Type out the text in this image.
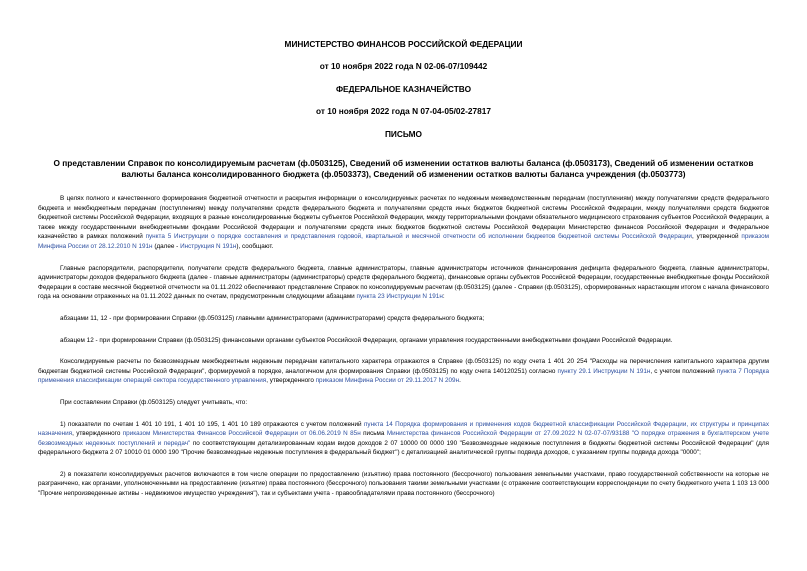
МИНИСТЕРСТВО ФИНАНСОВ РОССИЙСКОЙ ФЕДЕРАЦИИ
от 10 ноября 2022 года N 02-06-07/109442
ФЕДЕРАЛЬНОЕ КАЗНАЧЕЙСТВО
от 10 ноября 2022 года N 07-04-05/02-27817
ПИСЬМО
О представлении Справок по консолидируемым расчетам (ф.0503125), Сведений об изменении остатков валюты баланса (ф.0503173), Сведений об изменении остатков валюты баланса консолидированного бюджета (ф.0503373), Сведений об изменении остатков валюты баланса учреждения (ф.0503773)

В целях полного и качественного формирования бюджетной отчетности и раскрытия информации о консолидируемых расчетах по недежным межведомственным передачам (поступлениям) между получателями средств федерального бюджета и межбюджетным передачам (поступлениям) между получателями средств федерального бюджета и получателями средств иных бюджетов бюджетной системы Российской Федерации, между получателями средств бюджетов бюджетной системы Российской Федерации, входящих в разные консолидированные бюджеты субъектов Российской Федерации, между территориальными фондами обязательного медицинского страхования субъектов Российской Федерации, а также между государственными внебюджетными фондами Российской Федерации и получателями средств иных бюджетов бюджетной системы Российской Федерации Министерство финансов Российской Федерации и Федеральное казначейство в рамках положений пункта 5 Инструкции о порядке составления и представления годовой, квартальной и месячной отчетности об исполнении бюджетов бюджетной системы Российской Федерации, утвержденной приказом Минфина России от 28.12.2010 N 191н (далее - Инструкция N 191н), сообщают.

Главные распорядители, распорядители, получатели средств федерального бюджета, главные администраторы, главные администраторы источников финансирования дефицита федерального бюджета, главные администраторы, администраторы доходов федерального бюджета (далее - главные администраторы (администраторы) средств федерального бюджета), финансовые органы субъектов Российской Федерации, государственные внебюджетные фонды Российской Федерации в составе месячной бюджетной отчетности на 01.11.2022 обеспечивают представление Справок по консолидируемым расчетам (ф.0503125) (далее - Справки (ф.0503125), сформированных нарастающим итогом с начала финансового года на основании отраженных на 01.11.2022 данных по счетам, предусмотренным следующими абзацами пункта 23 Инструкции N 191н:

абзацами 11, 12 - при формировании Справки (ф.0503125) главными администраторами (администраторами) средств федерального бюджета;

абзацем 12 - при формировании Справки (ф.0503125) финансовыми органами субъектов Российской Федерации, органами управления государственными внебюджетными фондами Российской Федерации.

Консолидируемые расчеты по безвозмездным межбюджетным недежным передачам капитального характера отражаются в Справке (ф.0503125) по коду счета 1 401 20 254 "Расходы на перечисления капитального характера другим бюджетам бюджетной системы Российской Федерации", формируемой в порядке, аналогичном для формирования Справки (ф.0503125) по коду счета 140120251) согласно пункту 29.1 Инструкции N 191н, с учетом положений пункта 7 Порядка применения классификации операций сектора государственного управления, утвержденного приказом Минфина России от 29.11.2017 N 209н.

При составлении Справки (ф.0503125) следует учитывать, что:

1) показатели по счетам 1 401 10 191, 1 401 10 195, 1 401 10 189 отражаются с учетом положений пункта 14 Порядка формирования и применения кодов бюджетной классификации Российской Федерации, их структуры и принципах назначения, утвержденного приказом Министерства Финансов Российской Федерации от 06.06.2019 N 85н письма Министерства финансов Российской Федерации от 27.09.2022 N 02-07-07/93188 "О порядке отражения в бухгалтерском учете безвозмездных недежных поступлений и передач" по соответствующим детализированным кодам видов доходов 2 07 10000 00 0000 190 "Безвозмездные недежные поступления в бюджеты бюджетной системы Российской Федерации" (для федерального бюджета 2 07 10010 01 0000 190 "Прочие безвозмездные недежные поступления в федеральный бюджет") с детализацией аналитической группы подвида доходов, с указанием группы подвида дохода "0000";

2) в показатели консолидируемых расчетов включаются в том числе операции по предоставлению (изъятию) права постоянного (бессрочного) пользования земельными участками, право государственной собственности на которые не разграничено, как органами, уполномоченными на предоставление (изъятие) права постоянного (бессрочного) пользования такими земельными участками (с отражение соответствующим корреспонденции по счету бюджетного учета 1 103 13 000 "Прочие непроизведенные активы - недвижимое имущество учреждения"), так и субъектами учета - правообладателями права постоянного (бессрочного)
